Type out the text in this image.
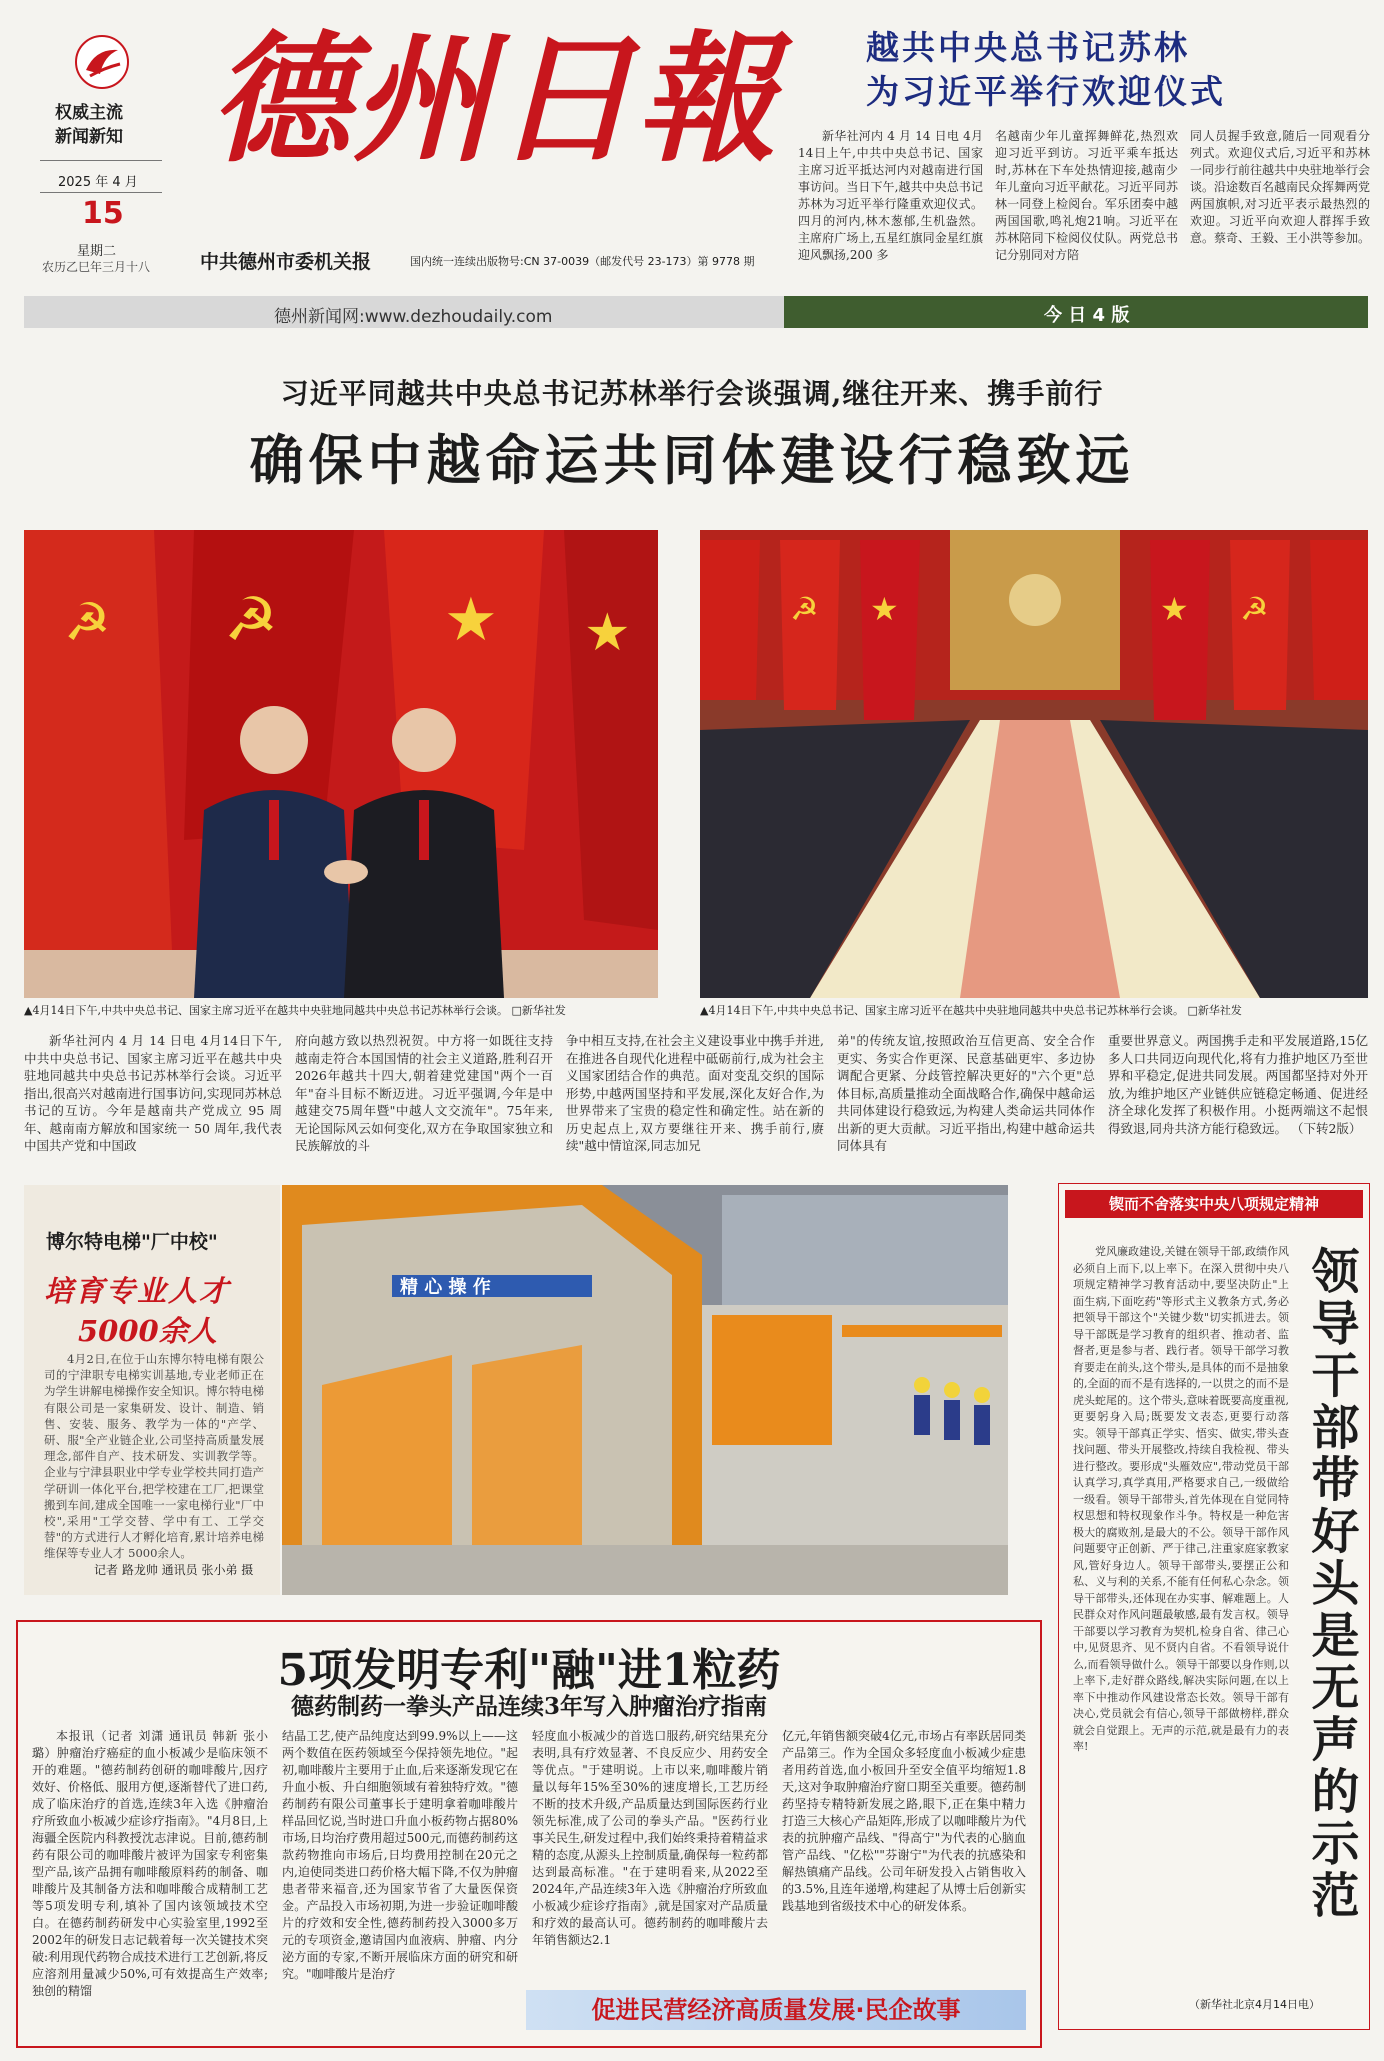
权威主流
新闻新知
2025 年 4 月
15
星期二
农历乙巳年三月十八
德州日報
中共德州市委机关报	国内统一连续出版物号:CN 37-0039（邮发代号 23-173）第 9778 期
越共中央总书记苏林
为习近平举行欢迎仪式

新华社河内 4 月 14 日电 4月14日上午,中共中央总书记、国家主席习近平抵达河内对越南进行国事访问。当日下午,越共中央总书记苏林为习近平举行隆重欢迎仪式。四月的河内,林木葱郁,生机盎然。主席府广场上,五星红旗同金星红旗迎风飘扬,200 多

名越南少年儿童挥舞鲜花,热烈欢迎习近平到访。习近平乘车抵达时,苏林在下车处热情迎接,越南少年儿童向习近平献花。习近平同苏林一同登上检阅台。军乐团奏中越两国国歌,鸣礼炮21响。习近平在苏林陪同下检阅仪仗队。两党总书记分别同对方陪

同人员握手致意,随后一同观看分列式。欢迎仪式后,习近平和苏林一同步行前往越共中央驻地举行会谈。沿途数百名越南民众挥舞两党两国旗帜,对习近平表示最热烈的欢迎。习近平向欢迎人群挥手致意。蔡奇、王毅、王小洪等参加。

德州新闻网:www.dezhoudaily.com	今 日 4 版
习近平同越共中央总书记苏林举行会谈强调,继往开来、携手前行
确保中越命运共同体建设行稳致远
☭	★
☭	★
▲4月14日下午,中共中央总书记、国家主席习近平在越共中央驻地同越共中央总书记苏林举行会谈。 □新华社发
☭ ★	★ ☭
▲4月14日下午,中共中央总书记、国家主席习近平在越共中央驻地同越共中央总书记苏林举行会谈。 □新华社发

新华社河内 4 月 14 日电 4月14日下午,中共中央总书记、国家主席习近平在越共中央驻地同越共中央总书记苏林举行会谈。习近平指出,很高兴对越南进行国事访问,实现同苏林总书记的互访。今年是越南共产党成立 95 周年、越南南方解放和国家统一 50 周年,我代表中国共产党和中国政

府向越方致以热烈祝贺。中方将一如既往支持越南走符合本国国情的社会主义道路,胜利召开2026年越共十四大,朝着建党建国"两个一百年"奋斗目标不断迈进。习近平强调,今年是中越建交75周年暨"中越人文交流年"。75年来,无论国际风云如何变化,双方在争取国家独立和民族解放的斗

争中相互支持,在社会主义建设事业中携手并进,在推进各自现代化进程中砥砺前行,成为社会主义国家团结合作的典范。面对变乱交织的国际形势,中越两国坚持和平发展,深化友好合作,为世界带来了宝贵的稳定性和确定性。站在新的历史起点上,双方要继往开来、携手前行,赓续"越中情谊深,同志加兄

弟"的传统友谊,按照政治互信更高、安全合作更实、务实合作更深、民意基础更牢、多边协调配合更紧、分歧管控解决更好的"六个更"总体目标,高质量推动全面战略合作,确保中越命运共同体建设行稳致远,为构建人类命运共同体作出新的更大贡献。习近平指出,构建中越命运共同体具有

重要世界意义。两国携手走和平发展道路,15亿多人口共同迈向现代化,将有力推护地区乃至世界和平稳定,促进共同发展。两国都坚持对外开放,为维护地区产业链供应链稳定畅通、促进经济全球化发挥了积极作用。小挺两端这不起恨得致退,同舟共济方能行稳致远。 （下转2版）

博尔特电梯"厂中校"
培育专业人才
5000余人

4月2日,在位于山东博尔特电梯有限公司的宁津职专电梯实训基地,专业老师正在为学生讲解电梯操作安全知识。博尔特电梯有限公司是一家集研发、设计、制造、销售、安装、服务、教学为一体的"产学、研、服"全产业链企业,公司坚持高质量发展理念,部件自产、技术研发、实训教学等。企业与宁津县职业中学专业学校共同打造产学研训一体化平台,把学校建在工厂,把课堂搬到车间,建成全国唯一一家电梯行业"厂中校",采用"工学交替、学中有工、工学交替"的方式进行人才孵化培育,累计培养电梯维保等专业人才 5000余人。

记者 路龙帅 通讯员 张小弟 摄
精 心 操 作
锲而不舍落实中央八项规定精神
领导干部带好头是无声的示范

党风廉政建设,关键在领导干部,政绩作风必须自上而下,以上率下。在深入贯彻中央八项规定精神学习教育活动中,要坚决防止"上面生病,下面吃药"等形式主义教条方式,务必把领导干部这个"关键少数"切实抓进去。领导干部既是学习教育的组织者、推动者、监督者,更是参与者、践行者。领导干部学习教育要走在前头,这个带头,是具体的而不是抽象的,全面的而不是有选择的,一以贯之的而不是虎头蛇尾的。这个带头,意味着既要高度重视,更要躬身入局;既要发文表态,更要行动落实。领导干部真正学实、悟实、做实,带头查找问题、带头开展整改,持续自我检视、带头进行整改。要形成"头雁效应",带动党员干部认真学习,真学真用,严格要求自己,一级做给一级看。领导干部带头,首先体现在自觉同特权思想和特权现象作斗争。特权是一种危害极大的腐败剂,是最大的不公。领导干部作风问题要守正创新、严于律己,注重家庭家教家风,管好身边人。领导干部带头,要摆正公和私、义与利的关系,不能有任何私心杂念。领导干部带头,还体现在办实事、解难题上。人民群众对作风问题最敏感,最有发言权。领导干部要以学习教育为契机,检身自省、律己心中,见贤思齐、见不贤内自省。不看领导说什么,而看领导做什么。领导干部要以身作则,以上率下,走好群众路线,解决实际问题,在以上率下中推动作风建设常态长效。领导干部有决心,党员就会有信心,领导干部做榜样,群众就会自觉跟上。无声的示范,就是最有力的表率!

（新华社北京4月14日电）
5项发明专利"融"进1粒药
德药制药一拳头产品连续3年写入肿瘤治疗指南

本报讯（记者 刘潇 通讯员 韩新 张小璐）肿瘤治疗癌症的血小板减少是临床领不开的难题。"德药制药创研的咖啡酸片,因疗效好、价格低、服用方便,逐渐替代了进口药,成了临床治疗的首选,连续3年入选《肿瘤治疗所致血小板减少症诊疗指南》。"4月8日,上海疆全医院内科教授沈志津说。目前,德药制药有限公司的咖啡酸片被评为国家专利密集型产品,该产品拥有咖啡酸原料药的制备、咖啡酸片及其制备方法和咖啡酸合成精制工艺等5项发明专利,填补了国内该领域技术空白。在德药制药研发中心实验室里,1992至2002年的研发日志记载着每一次关键技术突破:利用现代药物合成技术进行工艺创新,将反应溶剂用量减少50%,可有效提高生产效率;独创的精馏

结晶工艺,使产品纯度达到99.9%以上——这两个数值在医药领域至今保持领先地位。"起初,咖啡酸片主要用于止血,后来逐渐发现它在升血小板、升白细胞领域有着独特疗效。"德药制药有限公司董事长于建明拿着咖啡酸片样品回忆说,当时进口升血小板药物占据80%市场,日均治疗费用超过500元,而德药制药这款药物推向市场后,日均费用控制在20元之内,迫使同类进口药价格大幅下降,不仅为肿瘤患者带来福音,还为国家节省了大量医保资金。产品投入市场初期,为进一步验证咖啡酸片的疗效和安全性,德药制药投入3000多万元的专项资金,邀请国内血液病、肿瘤、内分泌方面的专家,不断开展临床方面的研究和研究。"咖啡酸片是治疗

轻度血小板减少的首选口服药,研究结果充分表明,具有疗效显著、不良反应少、用药安全等优点。"于建明说。上市以来,咖啡酸片销量以每年15%至30%的速度增长,工艺历经不断的技术升级,产品质量达到国际医药行业领先标准,成了公司的拳头产品。"医药行业事关民生,研发过程中,我们始终秉持着精益求精的态度,从源头上控制质量,确保每一粒药都达到最高标准。"在于建明看来,从2022至2024年,产品连续3年入选《肿瘤治疗所致血小板减少症诊疗指南》,就是国家对产品质量和疗效的最高认可。德药制药的咖啡酸片去年销售额达2.1

亿元,年销售额突破4亿元,市场占有率跃居同类产品第三。作为全国众多轻度血小板减少症患者用药首选,血小板回升至安全值平均缩短1.8天,这对争取肿瘤治疗窗口期至关重要。德药制药坚持专精特新发展之路,眼下,正在集中精力打造三大核心产品矩阵,形成了以咖啡酸片为代表的抗肿瘤产品线、"得高宁"为代表的心脑血管产品线、"亿松""芬谢宁"为代表的抗感染和解热镇痛产品线。公司年研发投入占销售收入的3.5%,且连年递增,构建起了从博士后创新实践基地到省级技术中心的研发体系。

促进民营经济高质量发展·民企故事
